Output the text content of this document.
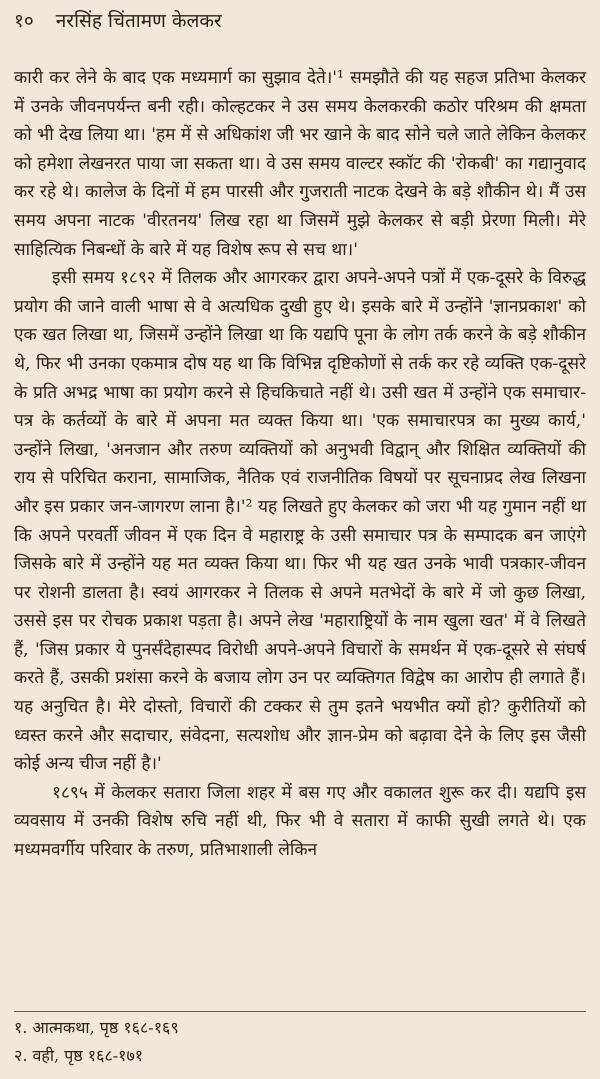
१० नरसिंह चिंतामण केलकर

कारी कर लेने के बाद एक मध्यमार्ग का सुझाव देते।'¹ समझौते की यह सहज प्रतिभा केलकर में उनके जीवनपर्यन्त बनी रही। कोल्हटकर ने उस समय केलकरकी कठोर परिश्रम की क्षमता को भी देख लिया था। 'हम में से अधिकांश जी भर खाने के बाद सोने चले जाते लेकिन केलकर को हमेशा लेखनरत पाया जा सकता था। वे उस समय वाल्टर स्कॉट की 'रोकबी' का गद्यानुवाद कर रहे थे। कालेज के दिनों में हम पारसी और गुजराती नाटक देखने के बड़े शौकीन थे। मैं उस समय अपना नाटक 'वीरतनय' लिख रहा था जिसमें मुझे केलकर से बड़ी प्रेरणा मिली। मेरे साहित्यिक निबन्धों के बारे में यह विशेष रूप से सच था।'

इसी समय १८९२ में तिलक और आगरकर द्वारा अपने-अपने पत्रों में एक-दूसरे के विरुद्ध प्रयोग की जाने वाली भाषा से वे अत्यधिक दुखी हुए थे। इसके बारे में उन्होंने 'ज्ञानप्रकाश' को एक खत लिखा था, जिसमें उन्होंने लिखा था कि यद्यपि पूना के लोग तर्क करने के बड़े शौकीन थे, फिर भी उनका एकमात्र दोष यह था कि विभिन्न दृष्टिकोणों से तर्क कर रहे व्यक्ति एक-दूसरे के प्रति अभद्र भाषा का प्रयोग करने से हिचकिचाते नहीं थे। उसी खत में उन्होंने एक समाचार-पत्र के कर्तव्यों के बारे में अपना मत व्यक्त किया था। 'एक समाचारपत्र का मुख्य कार्य,' उन्होंने लिखा, 'अनजान और तरुण व्यक्तियों को अनुभवी विद्वान् और शिक्षित व्यक्तियों की राय से परिचित कराना, सामाजिक, नैतिक एवं राजनीतिक विषयों पर सूचनाप्रद लेख लिखना और इस प्रकार जन-जागरण लाना है।'² यह लिखते हुए केलकर को जरा भी यह गुमान नहीं था कि अपने परवर्ती जीवन में एक दिन वे महाराष्ट्र के उसी समाचार पत्र के सम्पादक बन जाएंगे जिसके बारे में उन्होंने यह मत व्यक्त किया था। फिर भी यह खत उनके भावी पत्रकार-जीवन पर रोशनी डालता है। स्वयं आगरकर ने तिलक से अपने मतभेदों के बारे में जो कुछ लिखा, उससे इस पर रोचक प्रकाश पड़ता है। अपने लेख 'महाराष्ट्रियों के नाम खुला खत' में वे लिखते हैं, 'जिस प्रकार ये पुनर्संदेहास्पद विरोधी अपने-अपने विचारों के समर्थन में एक-दूसरे से संघर्ष करते हैं, उसकी प्रशंसा करने के बजाय लोग उन पर व्यक्तिगत विद्वेष का आरोप ही लगाते हैं। यह अनुचित है। मेरे दोस्तो, विचारों की टक्कर से तुम इतने भयभीत क्यों हो? कुरीतियों को ध्वस्त करने और सदाचार, संवेदना, सत्यशोध और ज्ञान-प्रेम को बढ़ावा देने के लिए इस जैसी कोई अन्य चीज नहीं है।'

१८९५ में केलकर सतारा जिला शहर में बस गए और वकालत शुरू कर दी। यद्यपि इस व्यवसाय में उनकी विशेष रुचि नहीं थी, फिर भी वे सतारा में काफी सुखी लगते थे। एक मध्यमवर्गीय परिवार के तरुण, प्रतिभाशाली लेकिन

१. आत्मकथा, पृष्ठ १६८-१६९
२. वही, पृष्ठ १६८-१७१
